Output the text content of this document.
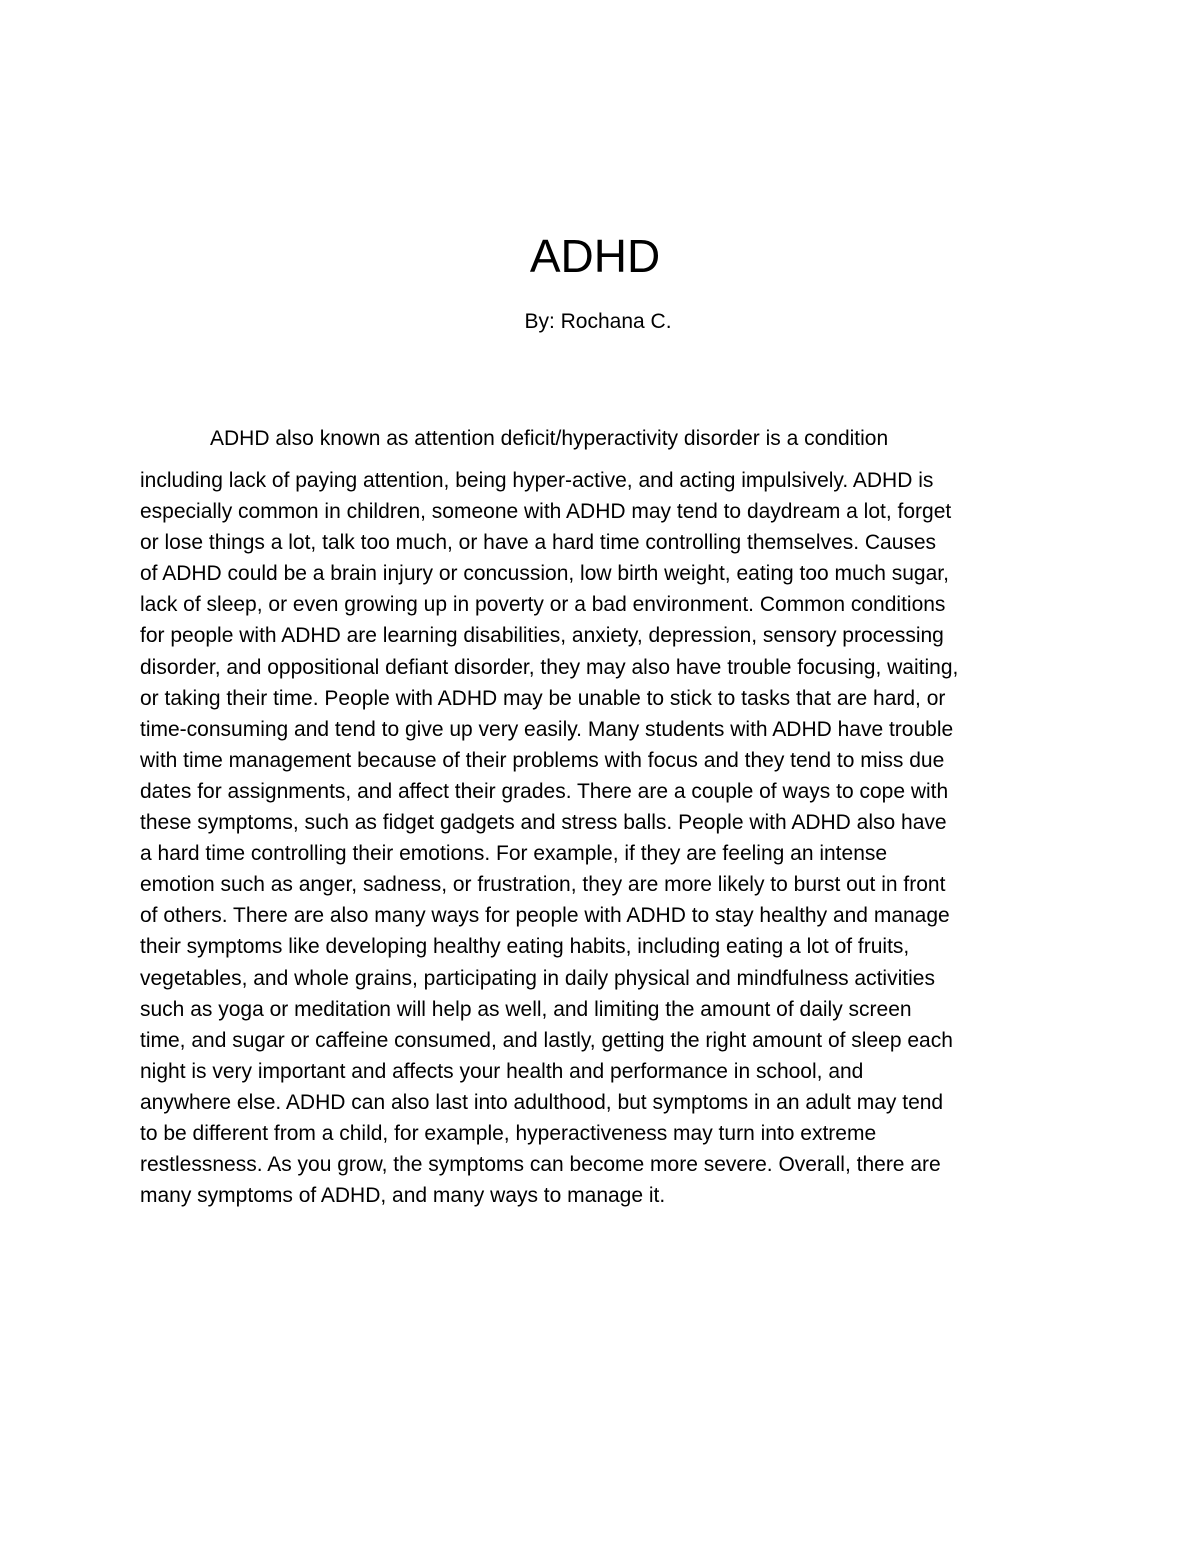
ADHD

By: Rochana C.

ADHD also known as attention deficit/hyperactivity disorder is a condition
including lack of paying attention, being hyper-active, and acting impulsively. ADHD is
especially common in children, someone with ADHD may tend to daydream a lot, forget
or lose things a lot, talk too much, or have a hard time controlling themselves. Causes
of ADHD could be a brain injury or concussion, low birth weight, eating too much sugar,
lack of sleep, or even growing up in poverty or a bad environment. Common conditions
for people with ADHD are learning disabilities, anxiety, depression, sensory processing
disorder, and oppositional defiant disorder, they may also have trouble focusing, waiting,
or taking their time. People with ADHD may be unable to stick to tasks that are hard, or
time-consuming and tend to give up very easily. Many students with ADHD have trouble
with time management because of their problems with focus and they tend to miss due
dates for assignments, and affect their grades. There are a couple of ways to cope with
these symptoms, such as fidget gadgets and stress balls. People with ADHD also have
a hard time controlling their emotions. For example, if they are feeling an intense
emotion such as anger, sadness, or frustration, they are more likely to burst out in front
of others. There are also many ways for people with ADHD to stay healthy and manage
their symptoms like developing healthy eating habits, including eating a lot of fruits,
vegetables, and whole grains, participating in daily physical and mindfulness activities
such as yoga or meditation will help as well, and limiting the amount of daily screen
time, and sugar or caffeine consumed, and lastly, getting the right amount of sleep each
night is very important and affects your health and performance in school, and
anywhere else. ADHD can also last into adulthood, but symptoms in an adult may tend
to be different from a child, for example, hyperactiveness may turn into extreme
restlessness. As you grow, the symptoms can become more severe. Overall, there are
many symptoms of ADHD, and many ways to manage it.
